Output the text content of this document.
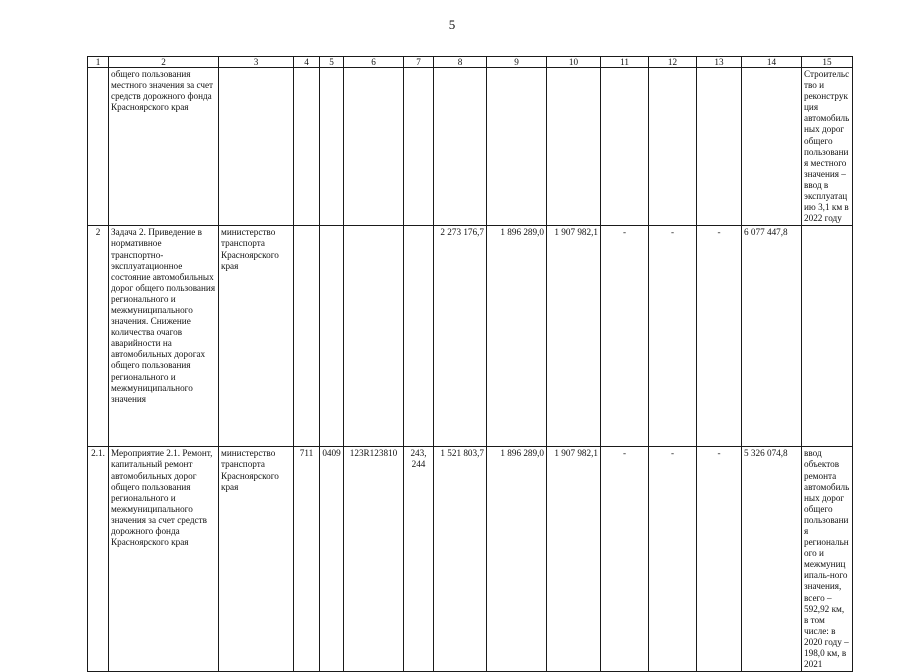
5
1	2	3	4	5	6	7	8	9	10	11	12	13	14	15
	общего пользования местного значения за счет средств дорожного фонда Красноярского края													Строительство и реконструкция автомобильных дорог общего пользования местного значения – ввод в эксплуатацию 3,1 км в 2022 году
2	Задача 2. Приведение в нормативное транспортно-эксплуатационное состояние автомобильных дорог общего пользования регионального и межмуниципального значения. Снижение количества очагов аварийности на автомобильных дорогах общего пользования регионального и межмуниципального значения	министерство транспорта Красноярского края					2 273 176,7	1 896 289,0	1 907 982,1	-	-	-	6 077 447,8	
2.1.	Мероприятие 2.1. Ремонт, капитальный ремонт автомобильных дорог общего пользования регионального и межмуниципального значения за счет средств дорожного фонда Красноярского края	министерство транспорта Красноярского края	711	0409	123R123810	243, 244	1 521 803,7	1 896 289,0	1 907 982,1	-	-	-	5 326 074,8	ввод объектов ремонта автомобильных дорог общего пользования регионального и межмуниципаль-ного значения, всего – 592,92 км, в том числе: в 2020 году – 198,0 км, в 2021
